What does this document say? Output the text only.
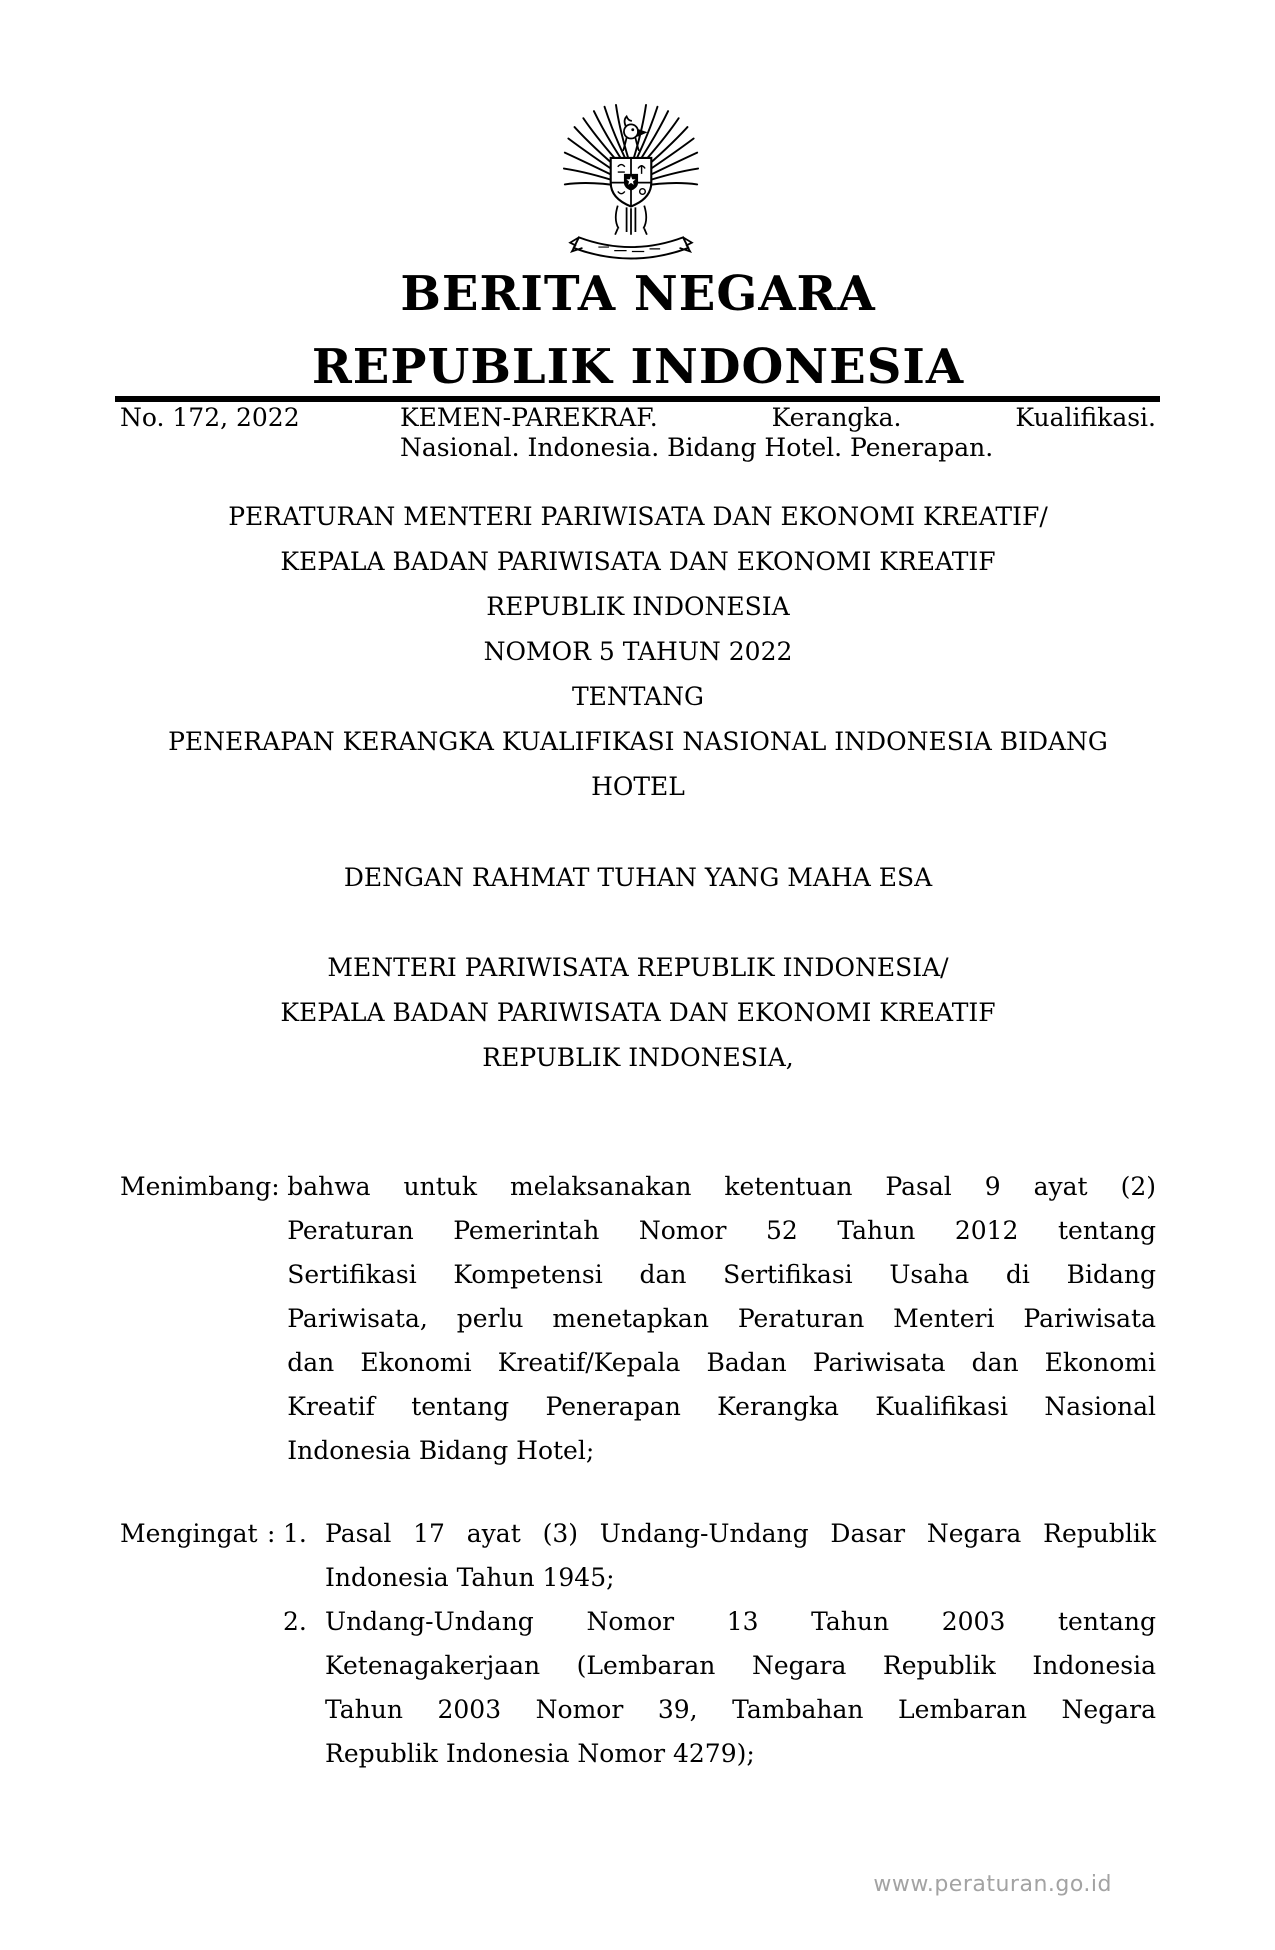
BERITA NEGARA
REPUBLIK INDONESIA
No. 172, 2022	KEMEN-PAREKRAF. Kerangka. Kualifikasi.
Nasional. Indonesia. Bidang Hotel. Penerapan.
PERATURAN MENTERI PARIWISATA DAN EKONOMI KREATIF/
KEPALA BADAN PARIWISATA DAN EKONOMI KREATIF
REPUBLIK INDONESIA
NOMOR 5 TAHUN 2022
TENTANG
PENERAPAN KERANGKA KUALIFIKASI NASIONAL INDONESIA BIDANG
HOTEL
DENGAN RAHMAT TUHAN YANG MAHA ESA
MENTERI PARIWISATA REPUBLIK INDONESIA/
KEPALA BADAN PARIWISATA DAN EKONOMI KREATIF
REPUBLIK INDONESIA,
Menimbang : bahwa untuk melaksanakan ketentuan Pasal 9 ayat (2)
Peraturan Pemerintah Nomor 52 Tahun 2012 tentang
Sertifikasi Kompetensi dan Sertifikasi Usaha di Bidang
Pariwisata, perlu menetapkan Peraturan Menteri Pariwisata
dan Ekonomi Kreatif/Kepala Badan Pariwisata dan Ekonomi
Kreatif tentang Penerapan Kerangka Kualifikasi Nasional
Indonesia Bidang Hotel;
Mengingat : 1. Pasal 17 ayat (3) Undang-Undang Dasar Negara Republik
Indonesia Tahun 1945;
2. Undang-Undang Nomor 13 Tahun 2003 tentang
Ketenagakerjaan (Lembaran Negara Republik Indonesia
Tahun 2003 Nomor 39, Tambahan Lembaran Negara
Republik Indonesia Nomor 4279);
www.peraturan.go.id
